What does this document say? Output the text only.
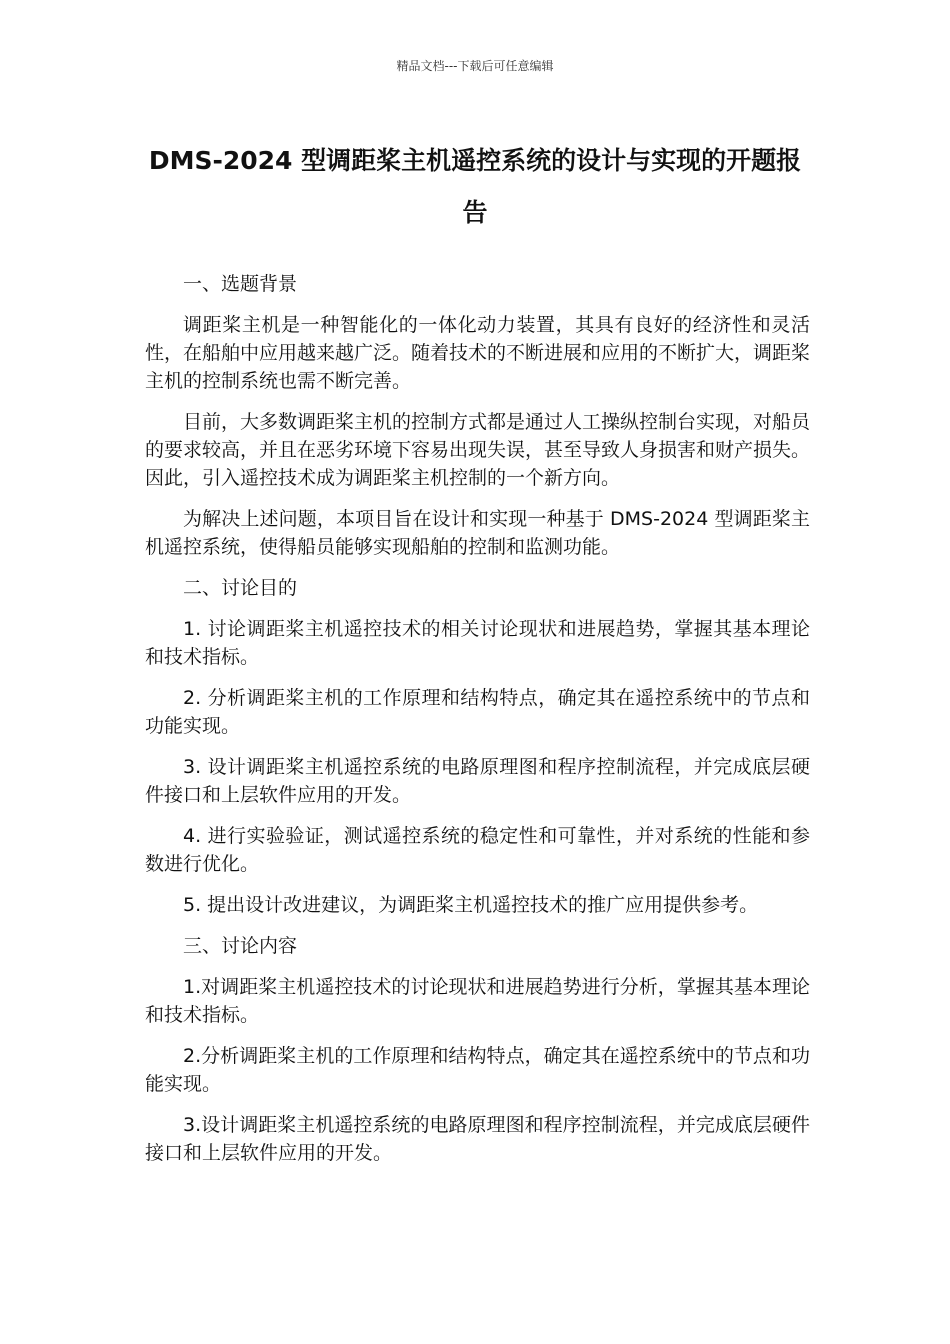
精品文档---下载后可任意编辑
DMS-2024 型调距桨主机遥控系统的设计与实现的开题报告

一、选题背景

调距桨主机是一种智能化的一体化动力装置，其具有良好的经济性和灵活性，在船舶中应用越来越广泛。随着技术的不断进展和应用的不断扩大，调距桨主机的控制系统也需不断完善。

目前，大多数调距桨主机的控制方式都是通过人工操纵控制台实现，对船员的要求较高，并且在恶劣环境下容易出现失误，甚至导致人身损害和财产损失。因此，引入遥控技术成为调距桨主机控制的一个新方向。

为解决上述问题，本项目旨在设计和实现一种基于 DMS-2024 型调距桨主机遥控系统，使得船员能够实现船舶的控制和监测功能。

二、讨论目的

1. 讨论调距桨主机遥控技术的相关讨论现状和进展趋势，掌握其基本理论和技术指标。

2. 分析调距桨主机的工作原理和结构特点，确定其在遥控系统中的节点和功能实现。

3. 设计调距桨主机遥控系统的电路原理图和程序控制流程，并完成底层硬件接口和上层软件应用的开发。

4. 进行实验验证，测试遥控系统的稳定性和可靠性，并对系统的性能和参数进行优化。

5. 提出设计改进建议，为调距桨主机遥控技术的推广应用提供参考。

三、讨论内容

1.对调距桨主机遥控技术的讨论现状和进展趋势进行分析，掌握其基本理论和技术指标。

2.分析调距桨主机的工作原理和结构特点，确定其在遥控系统中的节点和功能实现。

3.设计调距桨主机遥控系统的电路原理图和程序控制流程，并完成底层硬件接口和上层软件应用的开发。
